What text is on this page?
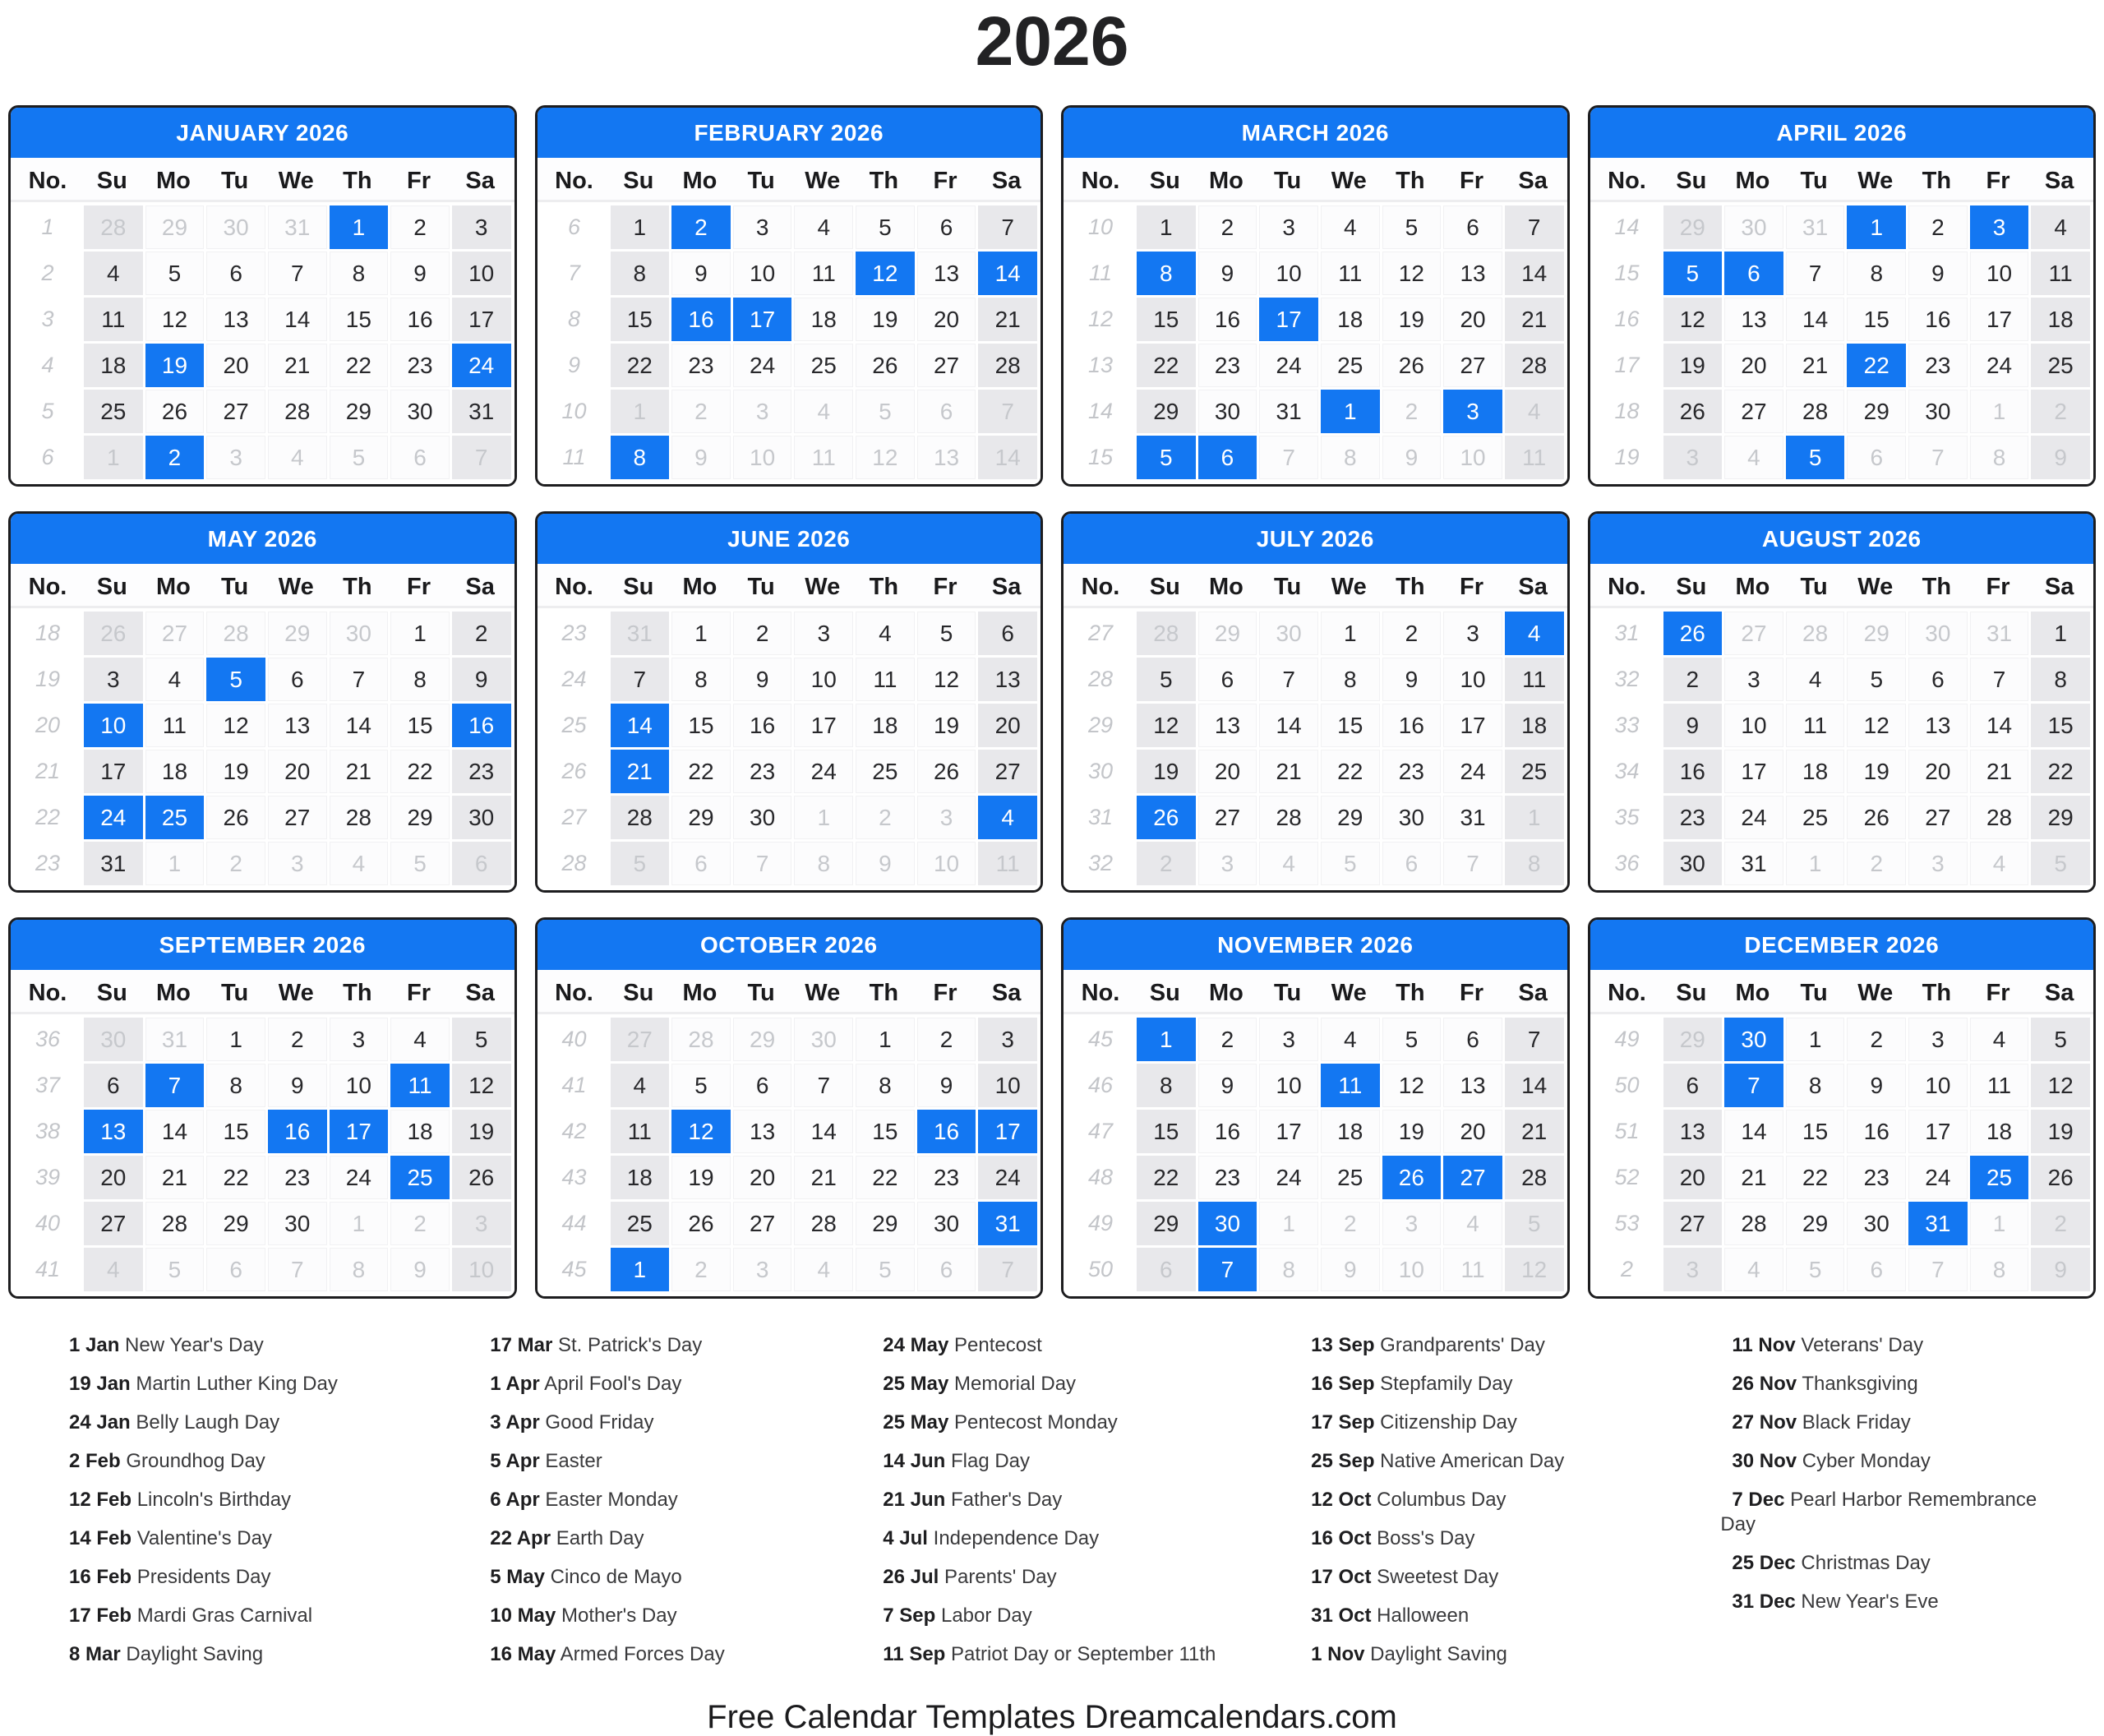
2026
JANUARY 2026
No.	Su	Mo	Tu	We	Th	Fr	Sa
1	28	29	30	31	1	2	3
2	4	5	6	7	8	9	10
3	11	12	13	14	15	16	17
4	18	19	20	21	22	23	24
5	25	26	27	28	29	30	31
6	1	2	3	4	5	6	7
FEBRUARY 2026
No.	Su	Mo	Tu	We	Th	Fr	Sa
6	1	2	3	4	5	6	7
7	8	9	10	11	12	13	14
8	15	16	17	18	19	20	21
9	22	23	24	25	26	27	28
10	1	2	3	4	5	6	7
11	8	9	10	11	12	13	14
MARCH 2026
No.	Su	Mo	Tu	We	Th	Fr	Sa
10	1	2	3	4	5	6	7
11	8	9	10	11	12	13	14
12	15	16	17	18	19	20	21
13	22	23	24	25	26	27	28
14	29	30	31	1	2	3	4
15	5	6	7	8	9	10	11
APRIL 2026
No.	Su	Mo	Tu	We	Th	Fr	Sa
14	29	30	31	1	2	3	4
15	5	6	7	8	9	10	11
16	12	13	14	15	16	17	18
17	19	20	21	22	23	24	25
18	26	27	28	29	30	1	2
19	3	4	5	6	7	8	9
MAY 2026
No.	Su	Mo	Tu	We	Th	Fr	Sa
18	26	27	28	29	30	1	2
19	3	4	5	6	7	8	9
20	10	11	12	13	14	15	16
21	17	18	19	20	21	22	23
22	24	25	26	27	28	29	30
23	31	1	2	3	4	5	6
JUNE 2026
No.	Su	Mo	Tu	We	Th	Fr	Sa
23	31	1	2	3	4	5	6
24	7	8	9	10	11	12	13
25	14	15	16	17	18	19	20
26	21	22	23	24	25	26	27
27	28	29	30	1	2	3	4
28	5	6	7	8	9	10	11
JULY 2026
No.	Su	Mo	Tu	We	Th	Fr	Sa
27	28	29	30	1	2	3	4
28	5	6	7	8	9	10	11
29	12	13	14	15	16	17	18
30	19	20	21	22	23	24	25
31	26	27	28	29	30	31	1
32	2	3	4	5	6	7	8
AUGUST 2026
No.	Su	Mo	Tu	We	Th	Fr	Sa
31	26	27	28	29	30	31	1
32	2	3	4	5	6	7	8
33	9	10	11	12	13	14	15
34	16	17	18	19	20	21	22
35	23	24	25	26	27	28	29
36	30	31	1	2	3	4	5
SEPTEMBER 2026
No.	Su	Mo	Tu	We	Th	Fr	Sa
36	30	31	1	2	3	4	5
37	6	7	8	9	10	11	12
38	13	14	15	16	17	18	19
39	20	21	22	23	24	25	26
40	27	28	29	30	1	2	3
41	4	5	6	7	8	9	10
OCTOBER 2026
No.	Su	Mo	Tu	We	Th	Fr	Sa
40	27	28	29	30	1	2	3
41	4	5	6	7	8	9	10
42	11	12	13	14	15	16	17
43	18	19	20	21	22	23	24
44	25	26	27	28	29	30	31
45	1	2	3	4	5	6	7
NOVEMBER 2026
No.	Su	Mo	Tu	We	Th	Fr	Sa
45	1	2	3	4	5	6	7
46	8	9	10	11	12	13	14
47	15	16	17	18	19	20	21
48	22	23	24	25	26	27	28
49	29	30	1	2	3	4	5
50	6	7	8	9	10	11	12
DECEMBER 2026
No.	Su	Mo	Tu	We	Th	Fr	Sa
49	29	30	1	2	3	4	5
50	6	7	8	9	10	11	12
51	13	14	15	16	17	18	19
52	20	21	22	23	24	25	26
53	27	28	29	30	31	1	2
2	3	4	5	6	7	8	9

1 Jan New Year's Day

19 Jan Martin Luther King Day

24 Jan Belly Laugh Day

2 Feb Groundhog Day

12 Feb Lincoln's Birthday

14 Feb Valentine's Day

16 Feb Presidents Day

17 Feb Mardi Gras Carnival

8 Mar Daylight Saving

17 Mar St. Patrick's Day

1 Apr April Fool's Day

3 Apr Good Friday

5 Apr Easter

6 Apr Easter Monday

22 Apr Earth Day

5 May Cinco de Mayo

10 May Mother's Day

16 May Armed Forces Day

24 May Pentecost

25 May Memorial Day

25 May Pentecost Monday

14 Jun Flag Day

21 Jun Father's Day

4 Jul Independence Day

26 Jul Parents' Day

7 Sep Labor Day

11 Sep Patriot Day or September 11th

13 Sep Grandparents' Day

16 Sep Stepfamily Day

17 Sep Citizenship Day

25 Sep Native American Day

12 Oct Columbus Day

16 Oct Boss's Day

17 Oct Sweetest Day

31 Oct Halloween

1 Nov Daylight Saving

11 Nov Veterans' Day

26 Nov Thanksgiving

27 Nov Black Friday

30 Nov Cyber Monday

7 Dec Pearl Harbor Remembrance Day

25 Dec Christmas Day

31 Dec New Year's Eve

Free Calendar Templates Dreamcalendars.com
